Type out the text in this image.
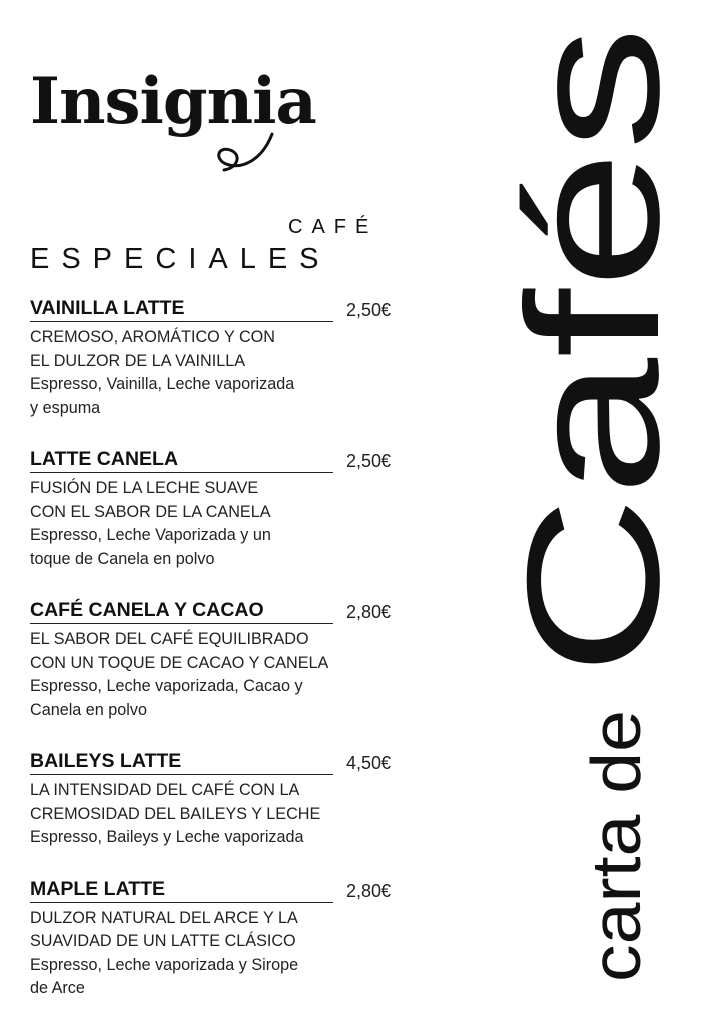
Insignia
CAFÉ
ESPECIALES
VAINILLA LATTE	2,50€
CREMOSO, AROMÁTICO Y CON
EL DULZOR DE LA VAINILLA
Espresso, Vainilla, Leche vaporizada
y espuma
LATTE CANELA	2,50€
FUSIÓN DE LA LECHE SUAVE
CON EL SABOR DE LA CANELA
Espresso, Leche Vaporizada y un
toque de Canela en polvo
CAFÉ CANELA Y CACAO	2,80€
EL SABOR DEL CAFÉ EQUILIBRADO
CON UN TOQUE DE CACAO Y CANELA
Espresso, Leche vaporizada, Cacao y
Canela en polvo
BAILEYS LATTE	4,50€
LA INTENSIDAD DEL CAFÉ CON LA
CREMOSIDAD DEL BAILEYS Y LECHE
Espresso, Baileys y Leche vaporizada
MAPLE LATTE	2,80€
DULZOR NATURAL DEL ARCE Y LA
SUAVIDAD DE UN LATTE CLÁSICO
Espresso, Leche vaporizada y Sirope
de Arce
Cafés
carta de
